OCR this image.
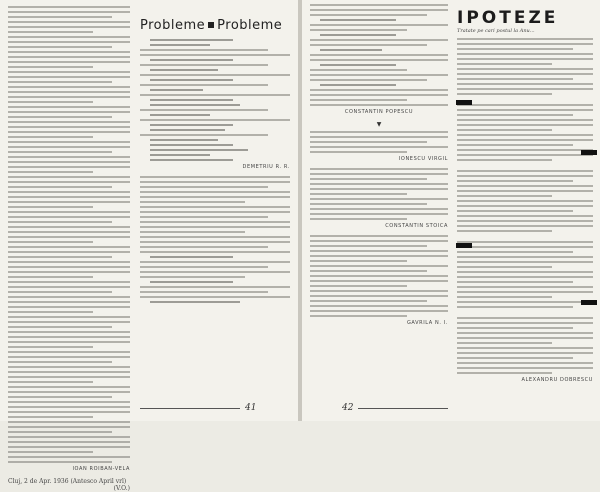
IOAN ROIBAN-VELA
Cluj, 2 de Apr. 1936 (Antesco April vrl)
(V.O.)
Probleme Probleme
DEMETRIU R. R.
41
CONSTANTIN POPESCU
▼
IONESCU VIRGIL
CONSTANTIN STOICA
GAVRILA N. I.
IPOTEZE
Tratate pe cari postul la Anu...
ALEXANDRU DOBRESCU
42
